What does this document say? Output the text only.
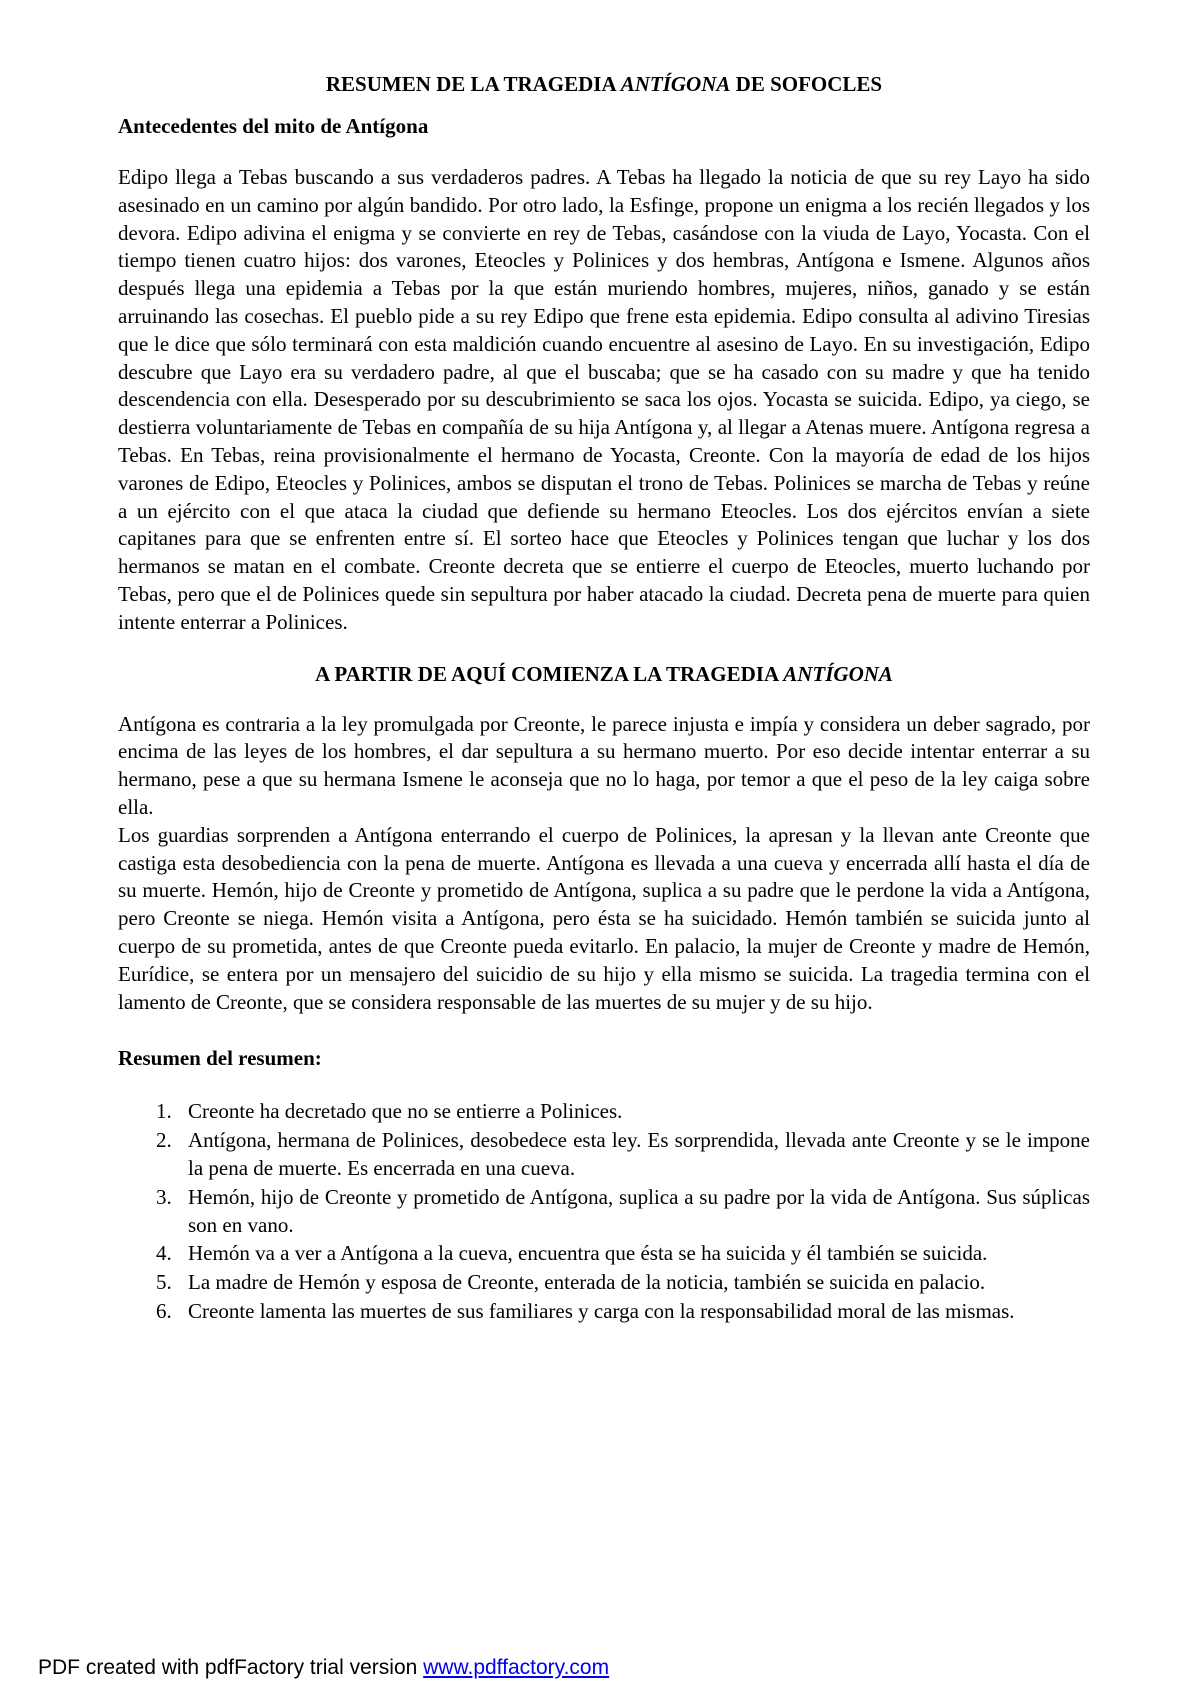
RESUMEN DE LA TRAGEDIA ANTÍGONA DE SOFOCLES
Antecedentes del mito de Antígona

Edipo llega a Tebas buscando a sus verdaderos padres. A Tebas ha llegado la noticia de que su rey Layo ha sido asesinado en un camino por algún bandido. Por otro lado, la Esfinge, propone un enigma a los recién llegados y los devora. Edipo adivina el enigma y se convierte en rey de Tebas, casándose con la viuda de Layo, Yocasta. Con el tiempo tienen cuatro hijos: dos varones, Eteocles y Polinices y dos hembras, Antígona e Ismene. Algunos años después llega una epidemia a Tebas por la que están muriendo hombres, mujeres, niños, ganado y se están arruinando las cosechas. El pueblo pide a su rey Edipo que frene esta epidemia. Edipo consulta al adivino Tiresias que le dice que sólo terminará con esta maldición cuando encuentre al asesino de Layo. En su investigación, Edipo descubre que Layo era su verdadero padre, al que el buscaba; que se ha casado con su madre y que ha tenido descendencia con ella. Desesperado por su descubrimiento se saca los ojos. Yocasta se suicida. Edipo, ya ciego, se destierra voluntariamente de Tebas en compañía de su hija Antígona y, al llegar a Atenas muere. Antígona regresa a Tebas. En Tebas, reina provisionalmente el hermano de Yocasta, Creonte. Con la mayoría de edad de los hijos varones de Edipo, Eteocles y Polinices, ambos se disputan el trono de Tebas. Polinices se marcha de Tebas y reúne a un ejército con el que ataca la ciudad que defiende su hermano Eteocles. Los dos ejércitos envían a siete capitanes para que se enfrenten entre sí. El sorteo hace que Eteocles y Polinices tengan que luchar y los dos hermanos se matan en el combate. Creonte decreta que se entierre el cuerpo de Eteocles, muerto luchando por Tebas, pero que el de Polinices quede sin sepultura por haber atacado la ciudad. Decreta pena de muerte para quien intente enterrar a Polinices.

A PARTIR DE AQUÍ COMIENZA LA TRAGEDIA ANTÍGONA

Antígona es contraria a la ley promulgada por Creonte, le parece injusta e impía y considera un deber sagrado, por encima de las leyes de los hombres, el dar sepultura a su hermano muerto. Por eso decide intentar enterrar a su hermano, pese a que su hermana Ismene le aconseja que no lo haga, por temor a que el peso de la ley caiga sobre ella.

Los guardias sorprenden a Antígona enterrando el cuerpo de Polinices, la apresan y la llevan ante Creonte que castiga esta desobediencia con la pena de muerte. Antígona es llevada a una cueva y encerrada allí hasta el día de su muerte. Hemón, hijo de Creonte y prometido de Antígona, suplica a su padre que le perdone la vida a Antígona, pero Creonte se niega. Hemón visita a Antígona, pero ésta se ha suicidado. Hemón también se suicida junto al cuerpo de su prometida, antes de que Creonte pueda evitarlo. En palacio, la mujer de Creonte y madre de Hemón, Eurídice, se entera por un mensajero del suicidio de su hijo y ella mismo se suicida. La tragedia termina con el lamento de Creonte, que se considera responsable de las muertes de su mujer y de su hijo.

Resumen del resumen:
1. Creonte ha decretado que no se entierre a Polinices.
2. Antígona, hermana de Polinices, desobedece esta ley. Es sorprendida, llevada ante Creonte y se le impone la pena de muerte. Es encerrada en una cueva.
3. Hemón, hijo de Creonte y prometido de Antígona, suplica a su padre por la vida de Antígona. Sus súplicas son en vano.
4. Hemón va a ver a Antígona a la cueva, encuentra que ésta se ha suicida y él también se suicida.
5. La madre de Hemón y esposa de Creonte, enterada de la noticia, también se suicida en palacio.
6. Creonte lamenta las muertes de sus familiares y carga con la responsabilidad moral de las mismas.
PDF created with pdfFactory trial version www.pdffactory.com
